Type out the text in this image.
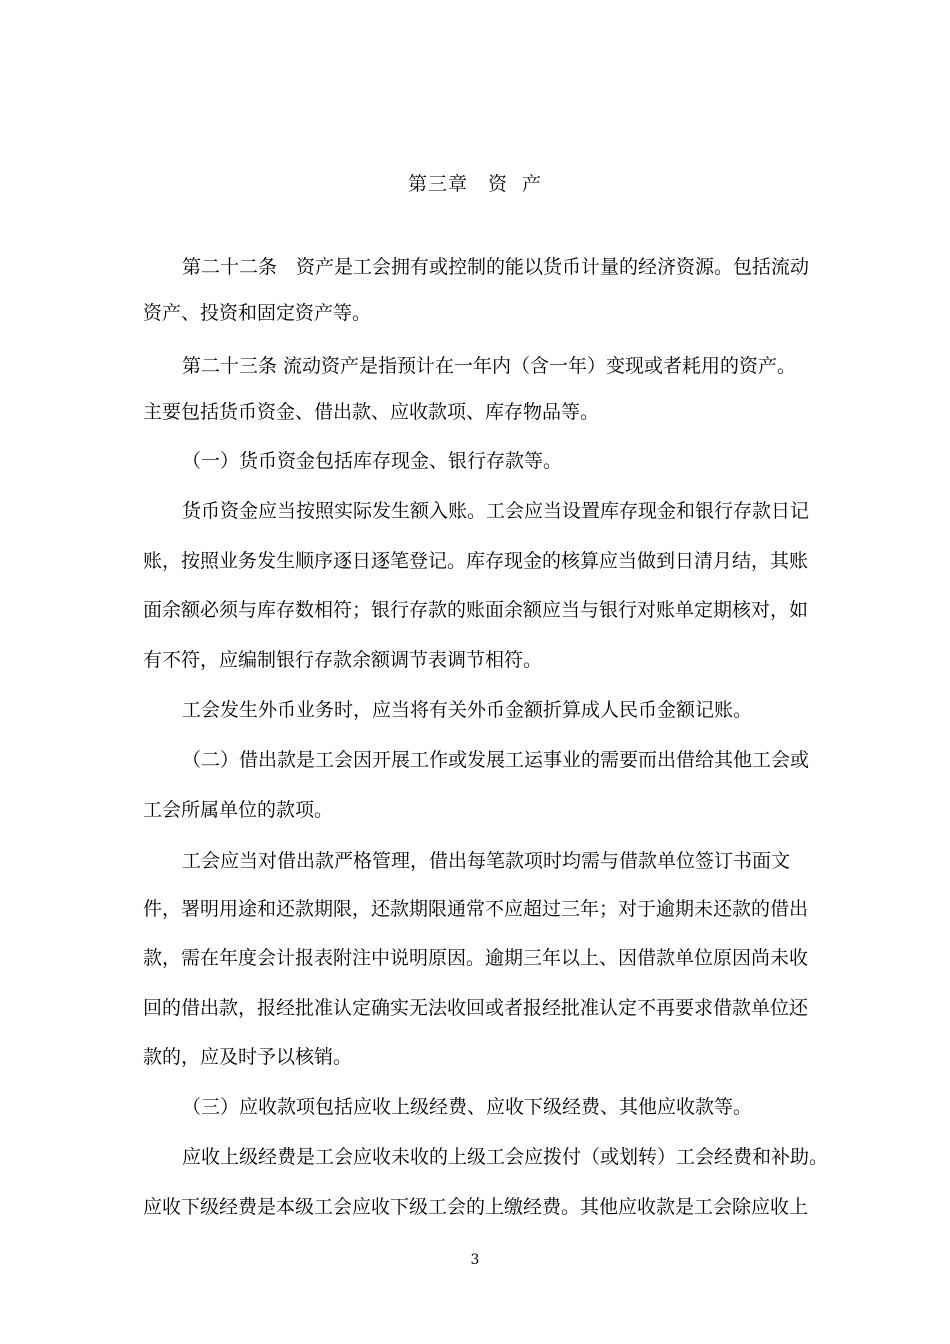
第三章　资  产
第二十二条　资产是工会拥有或控制的能以货币计量的经济资源。包括流动
资产、投资和固定资产等。
第二十三条 流动资产是指预计在一年内（含一年）变现或者耗用的资产。
主要包括货币资金、借出款、应收款项、库存物品等。
（一）货币资金包括库存现金、银行存款等。
货币资金应当按照实际发生额入账。工会应当设置库存现金和银行存款日记
账，按照业务发生顺序逐日逐笔登记。库存现金的核算应当做到日清月结，其账
面余额必须与库存数相符；银行存款的账面余额应当与银行对账单定期核对，如
有不符，应编制银行存款余额调节表调节相符。
工会发生外币业务时，应当将有关外币金额折算成人民币金额记账。
（二）借出款是工会因开展工作或发展工运事业的需要而出借给其他工会或
工会所属单位的款项。
工会应当对借出款严格管理，借出每笔款项时均需与借款单位签订书面文
件，署明用途和还款期限，还款期限通常不应超过三年；对于逾期未还款的借出
款，需在年度会计报表附注中说明原因。逾期三年以上、因借款单位原因尚未收
回的借出款，报经批准认定确实无法收回或者报经批准认定不再要求借款单位还
款的，应及时予以核销。
（三）应收款项包括应收上级经费、应收下级经费、其他应收款等。
应收上级经费是工会应收未收的上级工会应拨付（或划转）工会经费和补助。
应收下级经费是本级工会应收下级工会的上缴经费。其他应收款是工会除应收上
3
